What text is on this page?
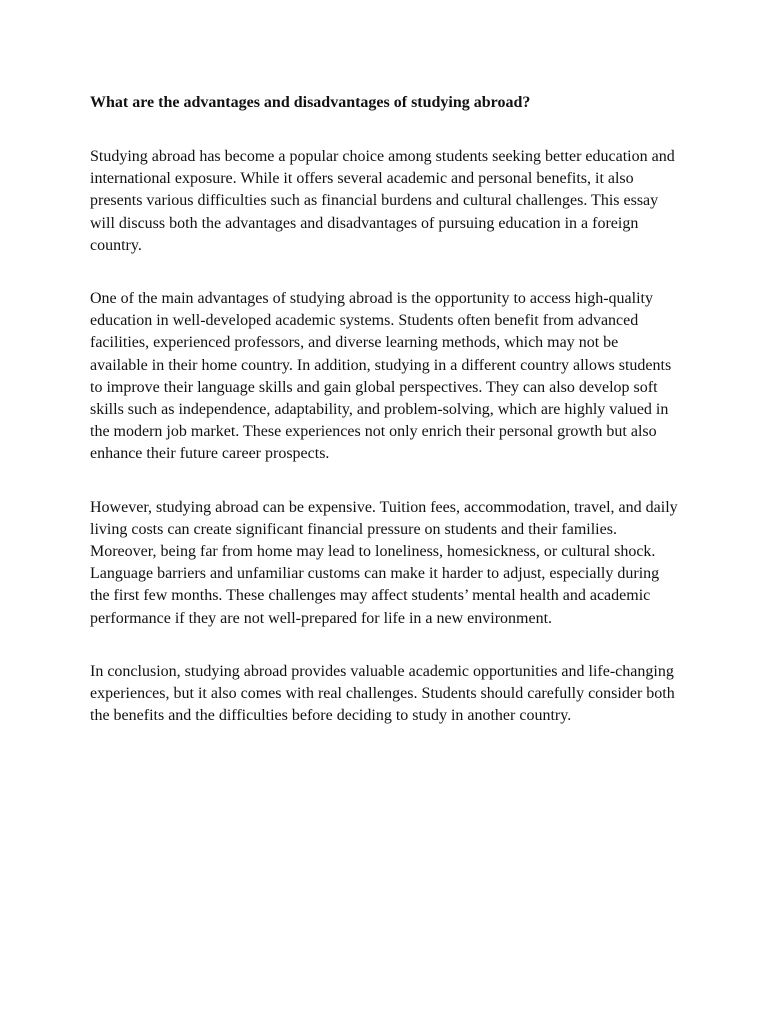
What are the advantages and disadvantages of studying abroad?

Studying abroad has become a popular choice among students seeking better education and international exposure. While it offers several academic and personal benefits, it also presents various difficulties such as financial burdens and cultural challenges. This essay will discuss both the advantages and disadvantages of pursuing education in a foreign country.

One of the main advantages of studying abroad is the opportunity to access high-quality education in well-developed academic systems. Students often benefit from advanced facilities, experienced professors, and diverse learning methods, which may not be available in their home country. In addition, studying in a different country allows students to improve their language skills and gain global perspectives. They can also develop soft skills such as independence, adaptability, and problem-solving, which are highly valued in the modern job market. These experiences not only enrich their personal growth but also enhance their future career prospects.

However, studying abroad can be expensive. Tuition fees, accommodation, travel, and daily living costs can create significant financial pressure on students and their families. Moreover, being far from home may lead to loneliness, homesickness, or cultural shock. Language barriers and unfamiliar customs can make it harder to adjust, especially during the first few months. These challenges may affect students’ mental health and academic performance if they are not well-prepared for life in a new environment.

In conclusion, studying abroad provides valuable academic opportunities and life-changing experiences, but it also comes with real challenges. Students should carefully consider both the benefits and the difficulties before deciding to study in another country.
